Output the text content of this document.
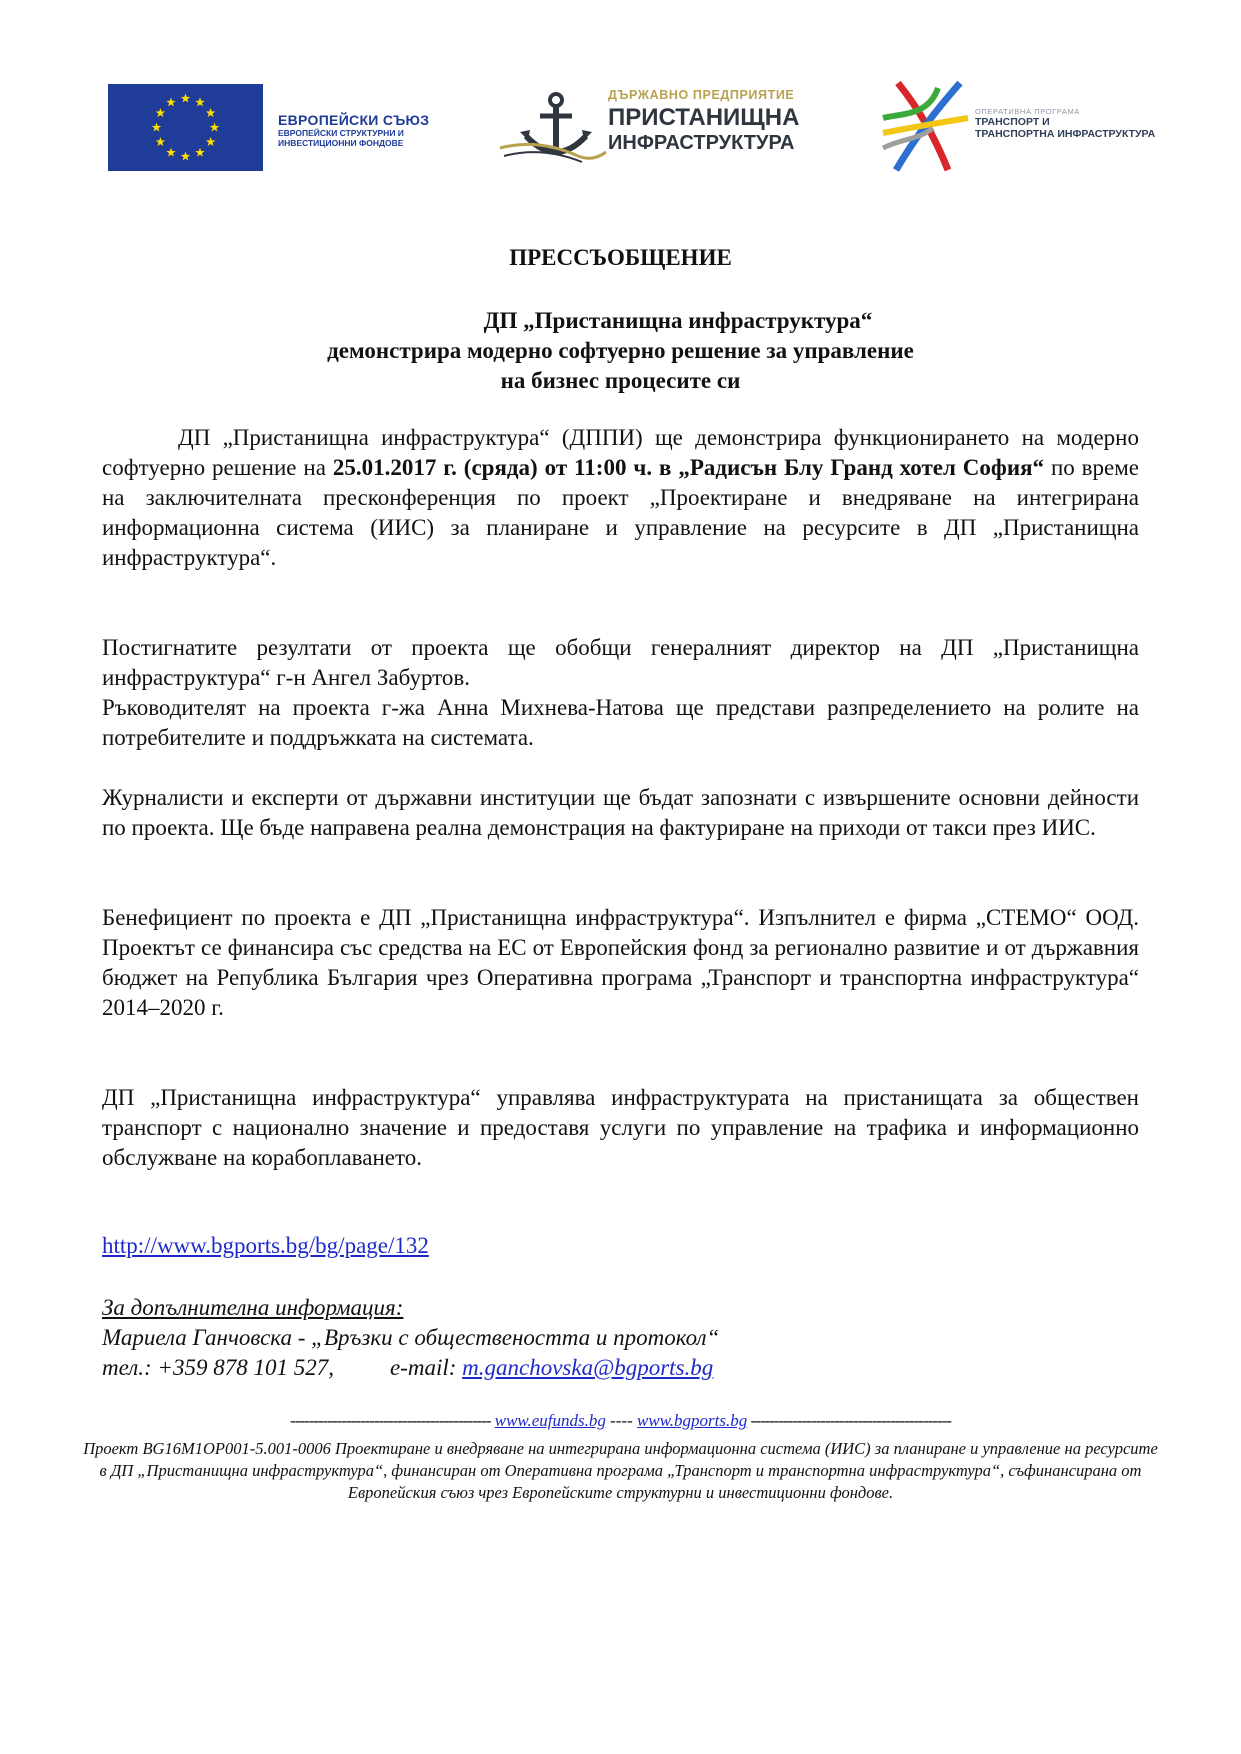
ЕВРОПЕЙСКИ СЪЮЗ
ЕВРОПЕЙСКИ СТРУКТУРНИ И
ИНВЕСТИЦИОННИ ФОНДОВЕ
ДЪРЖАВНО ПРЕДПРИЯТИЕ
ПРИСТАНИЩНА
ИНФРАСТРУКТУРА
ОПЕРАТИВНА ПРОГРАМА
ТРАНСПОРТ И
ТРАНСПОРТНА ИНФРАСТРУКТУРА
ПРЕССЪОБЩЕНИЕ
ДП „Пристанищна инфраструктура“
демонстрира модерно софтуерно решение за управление
на бизнес процесите си
ДП „Пристанищна инфраструктура“ (ДППИ) ще демонстрира функционирането на модерно софтуерно решение на 25.01.2017 г. (сряда) от 11:00 ч. в „Радисън Блу Гранд хотел София“ по време на заключителната пресконференция по проект „Проектиране и внедряване на интегрирана информационна система (ИИС) за планиране и управление на ресурсите в ДП „Пристанищна инфраструктура“.
Постигнатите резултати от проекта ще обобщи генералният директор на ДП „Пристанищна инфраструктура“ г-н Ангел Забуртов.
Ръководителят на проекта г-жа Анна Михнева-Натова ще представи разпределението на ролите на потребителите и поддръжката на системата.
Журналисти и експерти от държавни институции ще бъдат запознати с извършените основни дейности по проекта. Ще бъде направена реална демонстрация на фактуриране на приходи от такси през ИИС.
Бенефициент по проекта е ДП „Пристанищна инфраструктура“. Изпълнител е фирма „СТЕМО“ ООД. Проектът се финансира със средства на ЕС от Европейския фонд за регионално развитие и от държавния бюджет на Република България чрез Оперативна програма „Транспорт и транспортна инфраструктура“ 2014–2020 г.
ДП „Пристанищна инфраструктура“ управлява инфраструктурата на пристанищата за обществен транспорт с национално значение и предоставя услуги по управление на трафика и информационно обслужване на корабоплаването.
http://www.bgports.bg/bg/page/132
За допълнителна информация:
Мариела Ганчовска - „Връзки с обществеността и протокол“
тел.: +359 878 101 527, e-mail: m.ganchovska@bgports.bg
------------------------------------------- www.eufunds.bg ---- www.bgports.bg -------------------------------------------
Проект BG16M1OP001-5.001-0006 Проектиране и внедряване на интегрирана информационна система (ИИС) за планиране и управление на ресурсите в ДП „Пристанищна инфраструктура“, финансиран от Оперативна програма „Транспорт и транспортна инфраструктура“, съфинансирана от Европейския съюз чрез Европейските структурни и инвестиционни фондове.
